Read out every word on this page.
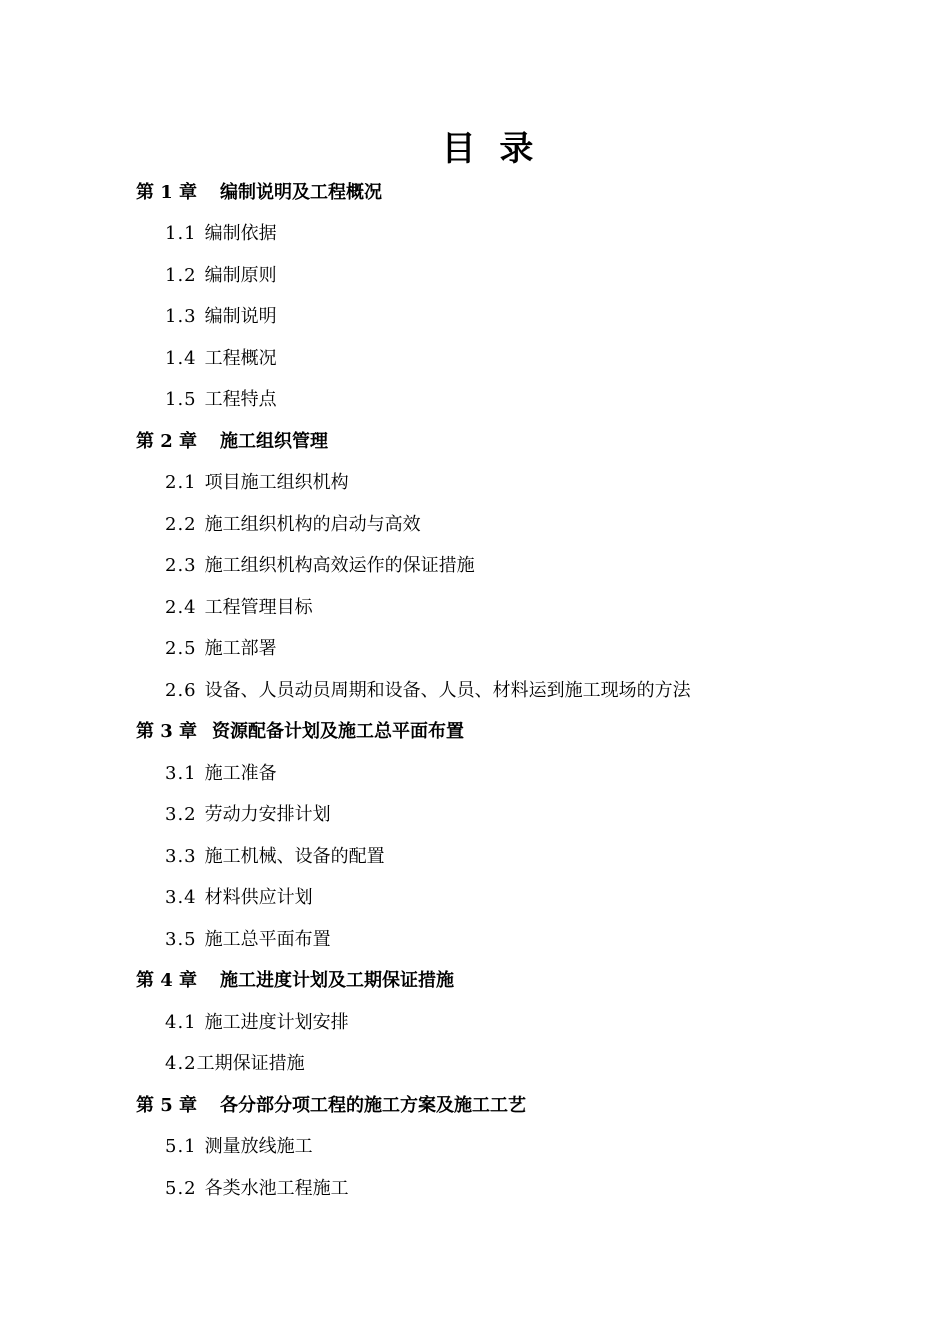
目  录
第 1 章 编制说明及工程概况
1.1 编制依据
1.2 编制原则
1.3 编制说明
1.4 工程概况
1.5 工程特点
第 2 章 施工组织管理
2.1 项目施工组织机构
2.2 施工组织机构的启动与高效
2.3 施工组织机构高效运作的保证措施
2.4 工程管理目标
2.5 施工部署
2.6 设备、人员动员周期和设备、人员、材料运到施工现场的方法
第 3 章 资源配备计划及施工总平面布置
3.1 施工准备
3.2 劳动力安排计划
3.3 施工机械、设备的配置
3.4 材料供应计划
3.5 施工总平面布置
第 4 章 施工进度计划及工期保证措施
4.1 施工进度计划安排
4.2工期保证措施
第 5 章 各分部分项工程的施工方案及施工工艺
5.1 测量放线施工
5.2 各类水池工程施工
